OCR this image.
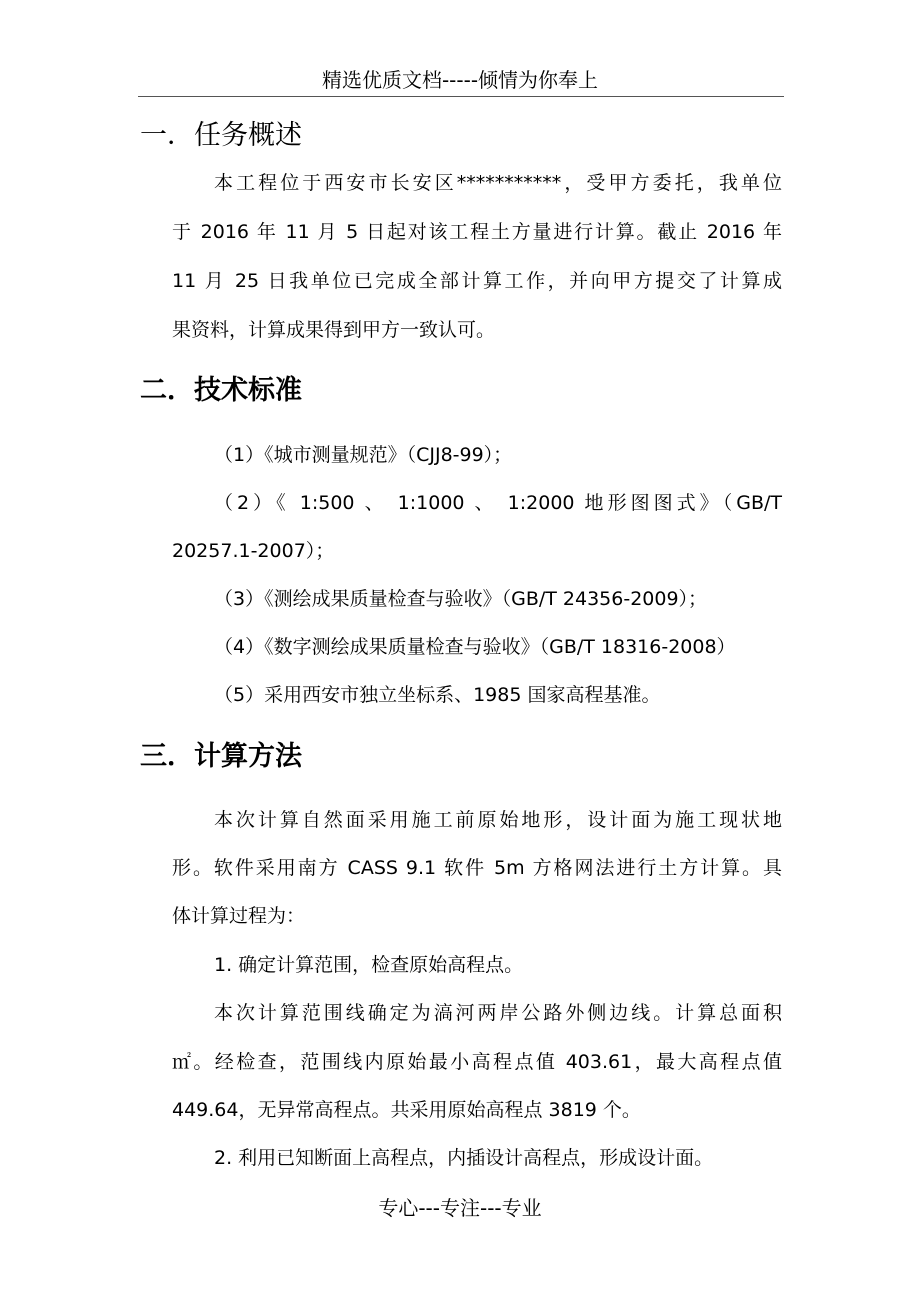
精选优质文档-----倾情为你奉上
一．任务概述
本工程位于西安市长安区***********，受甲方委托，我单位
于 2016 年 11 月 5 日起对该工程土方量进行计算。截止 2016 年
11 月 25 日我单位已完成全部计算工作，并向甲方提交了计算成
果资料，计算成果得到甲方一致认可。
二．技术标准
（1）《城市测量规范》（CJJ8-99）；
（2）《 1:500 、 1:1000 、 1:2000 地形图图式》（GB/T
20257.1-2007）；
（3）《测绘成果质量检查与验收》（GB/T 24356-2009）；
（4）《数字测绘成果质量检查与验收》（GB/T 18316-2008）
（5）采用西安市独立坐标系、1985 国家高程基准。
三．计算方法
本次计算自然面采用施工前原始地形，设计面为施工现状地
形。软件采用南方 CASS 9.1 软件 5m 方格网法进行土方计算。具
体计算过程为：
1. 确定计算范围，检查原始高程点。
本次计算范围线确定为滈河两岸公路外侧边线。计算总面积
㎡。经检查，范围线内原始最小高程点值 403.61，最大高程点值
449.64，无异常高程点。共采用原始高程点 3819 个。
2. 利用已知断面上高程点，内插设计高程点，形成设计面。
专心---专注---专业
